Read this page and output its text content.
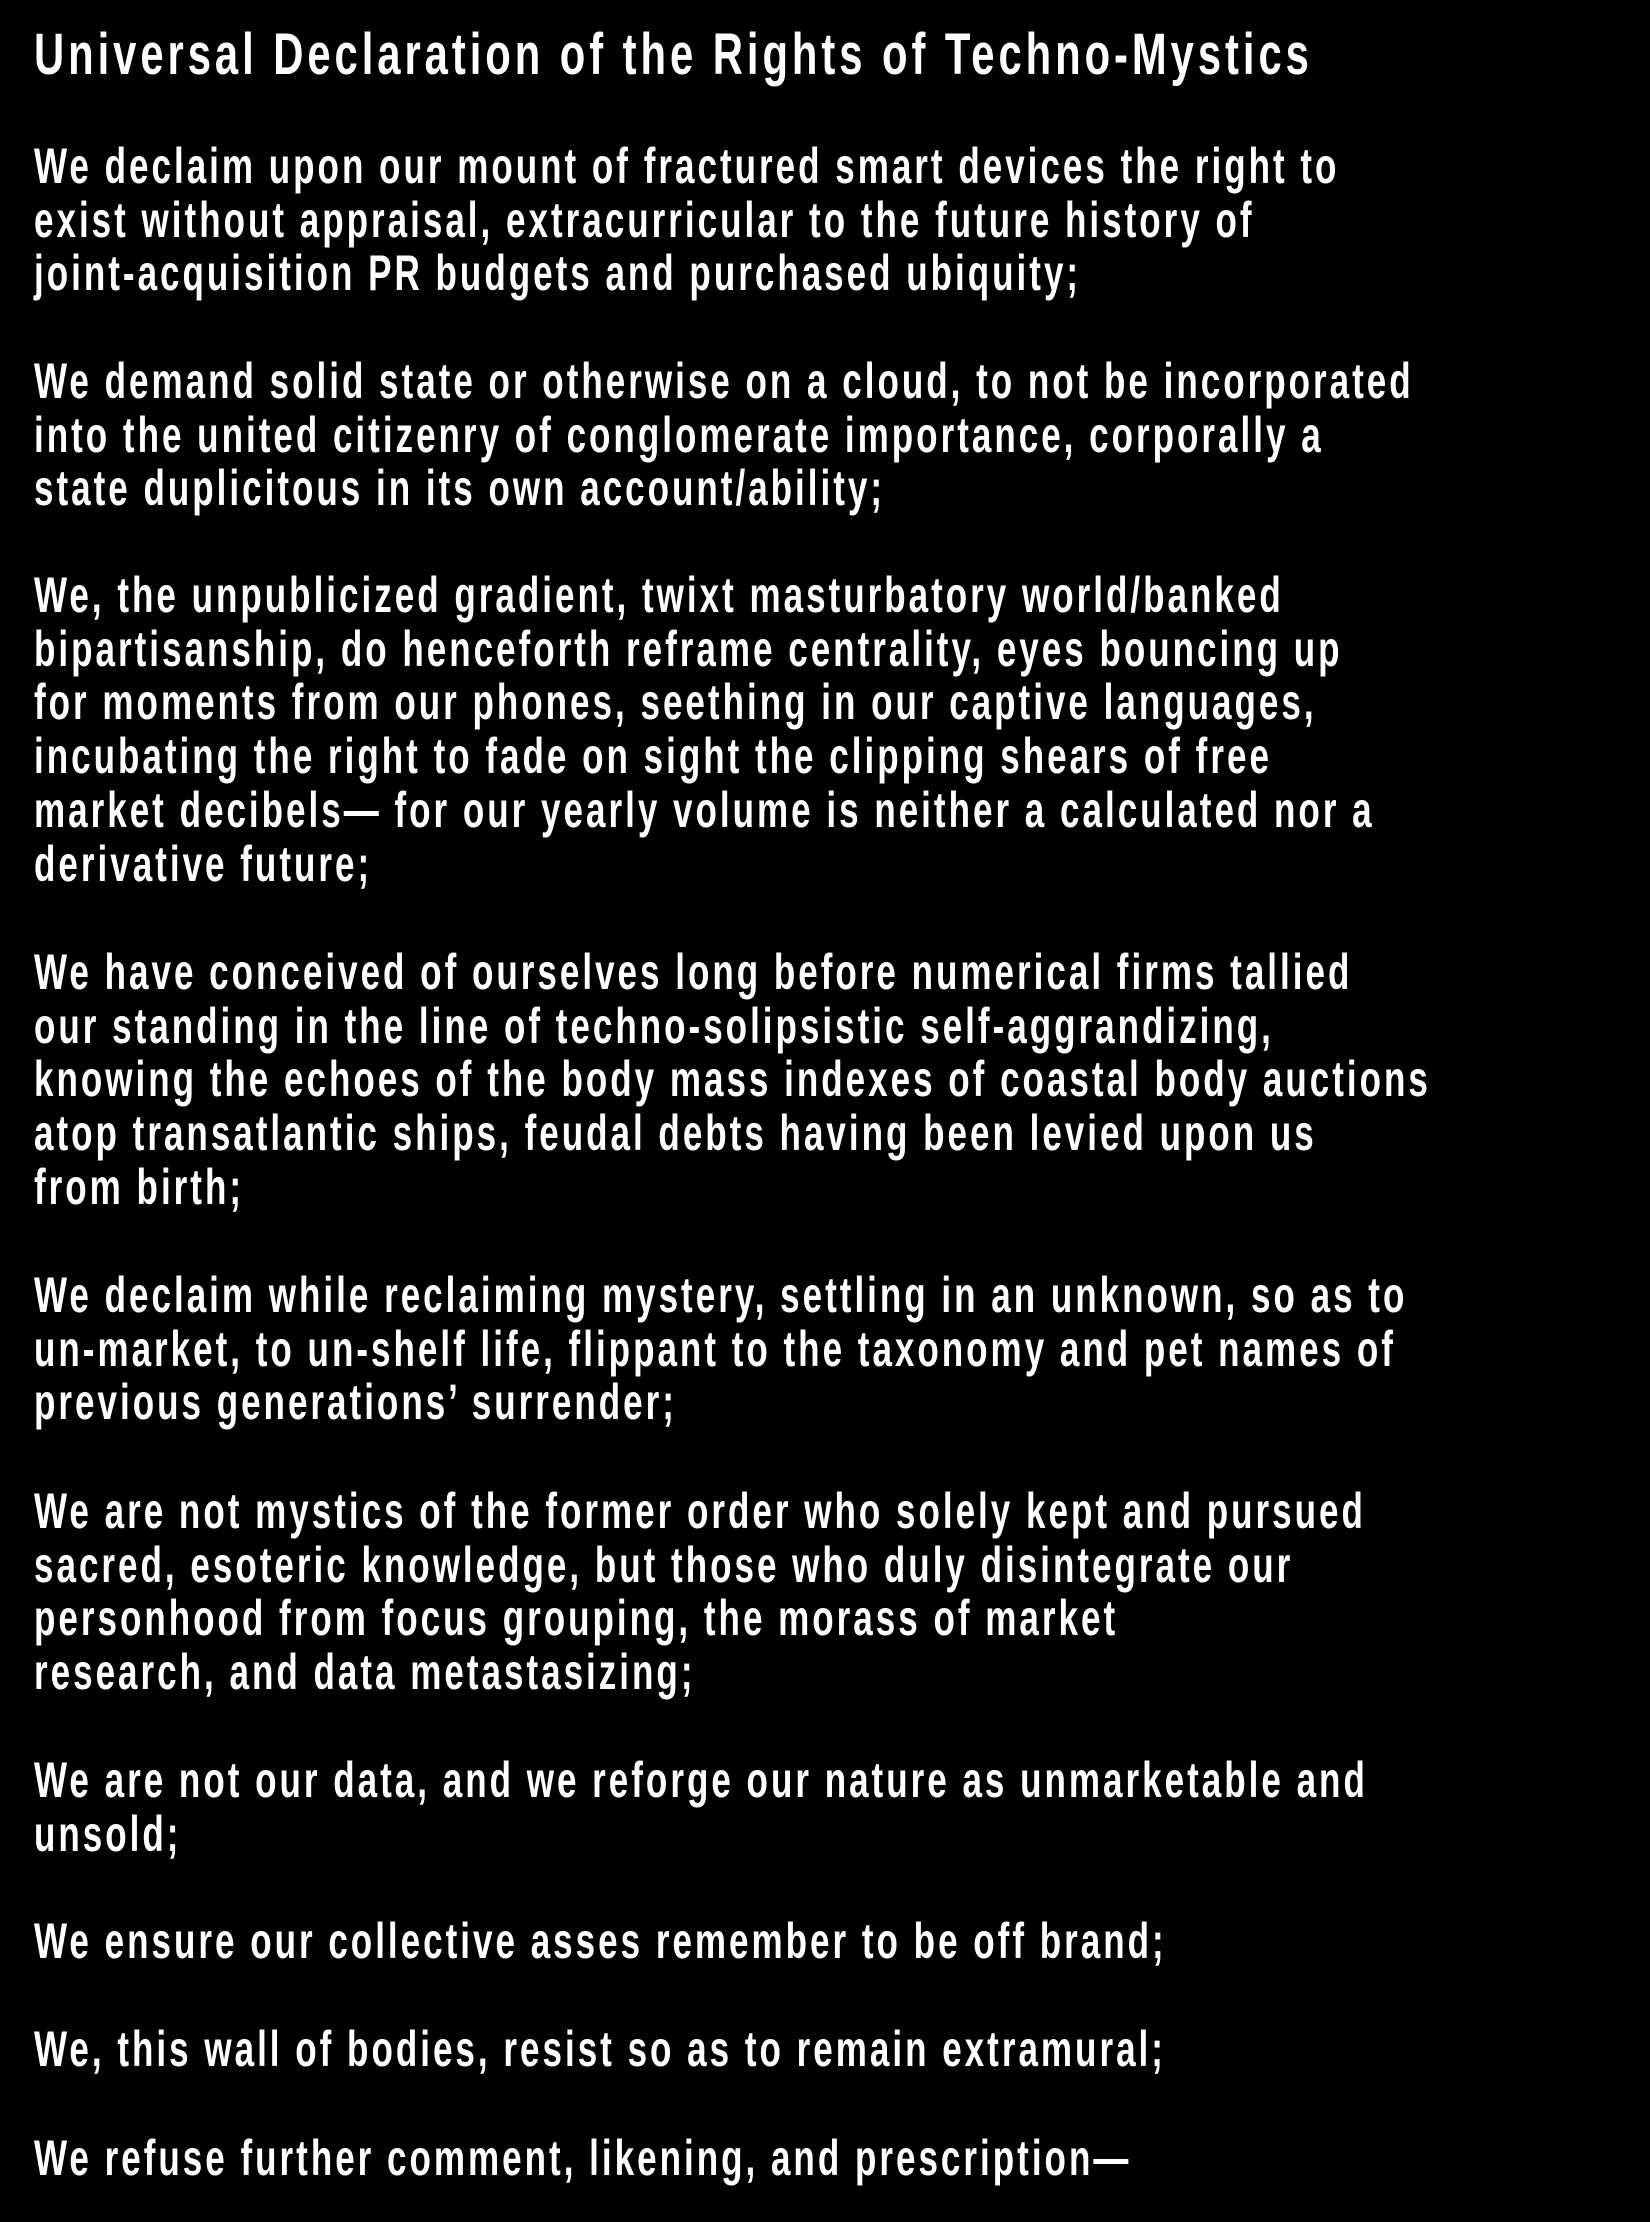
Universal Declaration of the Rights of Techno-Mystics

We declaim upon our mount of fractured smart devices the right to
exist without appraisal, extracurricular to the future history of
joint-acquisition PR budgets and purchased ubiquity;

We demand solid state or otherwise on a cloud, to not be incorporated
into the united citizenry of conglomerate importance, corporally a
state duplicitous in its own account/ability;

We, the unpublicized gradient, twixt masturbatory world/banked
bipartisanship, do henceforth reframe centrality, eyes bouncing up
for moments from our phones, seething in our captive languages,
incubating the right to fade on sight the clipping shears of free
market decibels— for our yearly volume is neither a calculated nor a
derivative future;

We have conceived of ourselves long before numerical firms tallied
our standing in the line of techno-solipsistic self-aggrandizing,
knowing the echoes of the body mass indexes of coastal body auctions
atop transatlantic ships, feudal debts having been levied upon us
from birth;

We declaim while reclaiming mystery, settling in an unknown, so as to
un-market, to un-shelf life, flippant to the taxonomy and pet names of
previous generations’ surrender;

We are not mystics of the former order who solely kept and pursued
sacred, esoteric knowledge, but those who duly disintegrate our
personhood from focus grouping, the morass of market
research, and data metastasizing;

We are not our data, and we reforge our nature as unmarketable and
unsold;

We ensure our collective asses remember to be off brand;

We, this wall of bodies, resist so as to remain extramural;

We refuse further comment, likening, and prescription—
